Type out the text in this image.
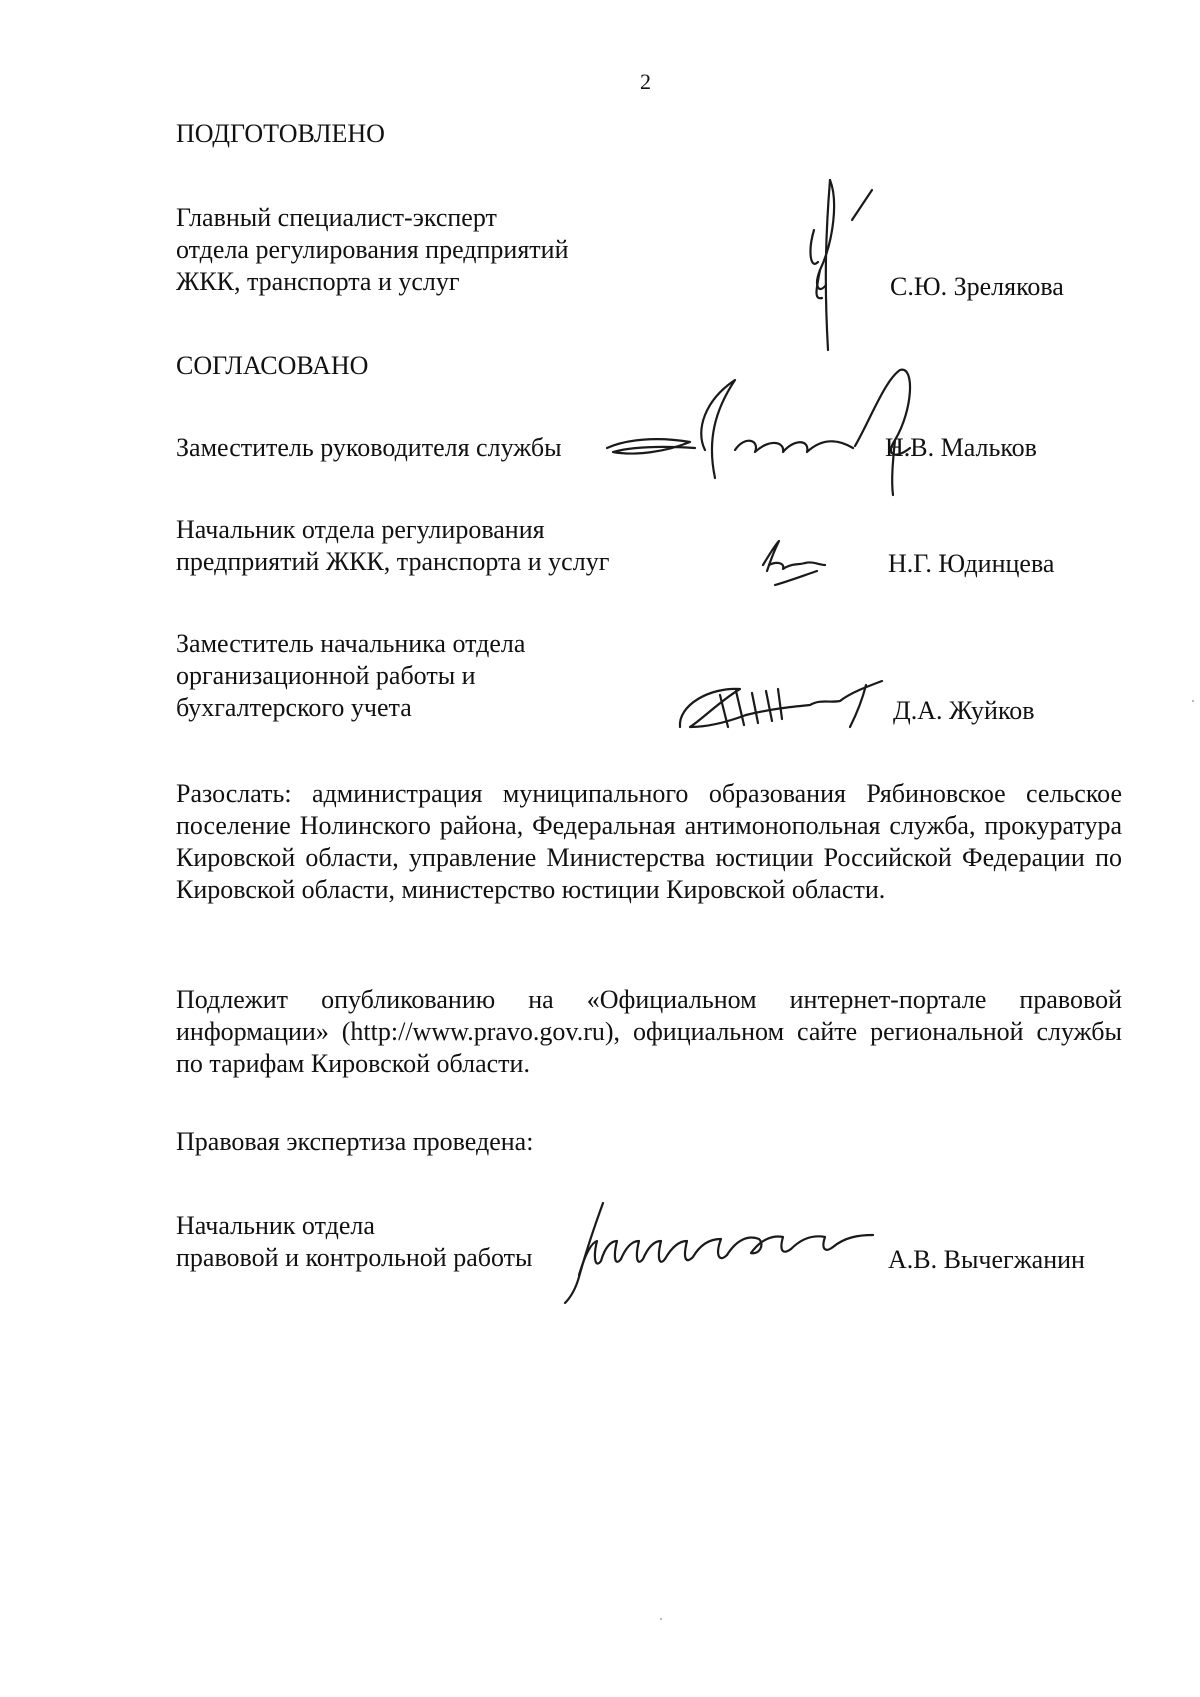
2
ПОДГОТОВЛЕНО
Главный специалист-эксперт
отдела регулирования предприятий
ЖКК, транспорта и услуг	С.Ю. Зрелякова
СОГЛАСОВАНО
Заместитель руководителя службы	Н.В. Мальков
Начальник отдела регулирования
предприятий ЖКК, транспорта и услуг	Н.Г. Юдинцева
Заместитель начальника отдела
организационной работы и
бухгалтерского учета	Д.А. Жуйков
Разослать: администрация муниципального образования Рябиновское сельское поселение Нолинского района, Федеральная антимонопольная служба, прокуратура Кировской области, управление Министерства юстиции Российской Федерации по Кировской области, министерство юстиции Кировской области.
Подлежит опубликованию на «Официальном интернет-портале правовой информации» (http://www.pravo.gov.ru), официальном сайте региональной службы по тарифам Кировской области.
Правовая экспертиза проведена:
Начальник отдела
правовой и контрольной работы	А.В. Вычегжанин
